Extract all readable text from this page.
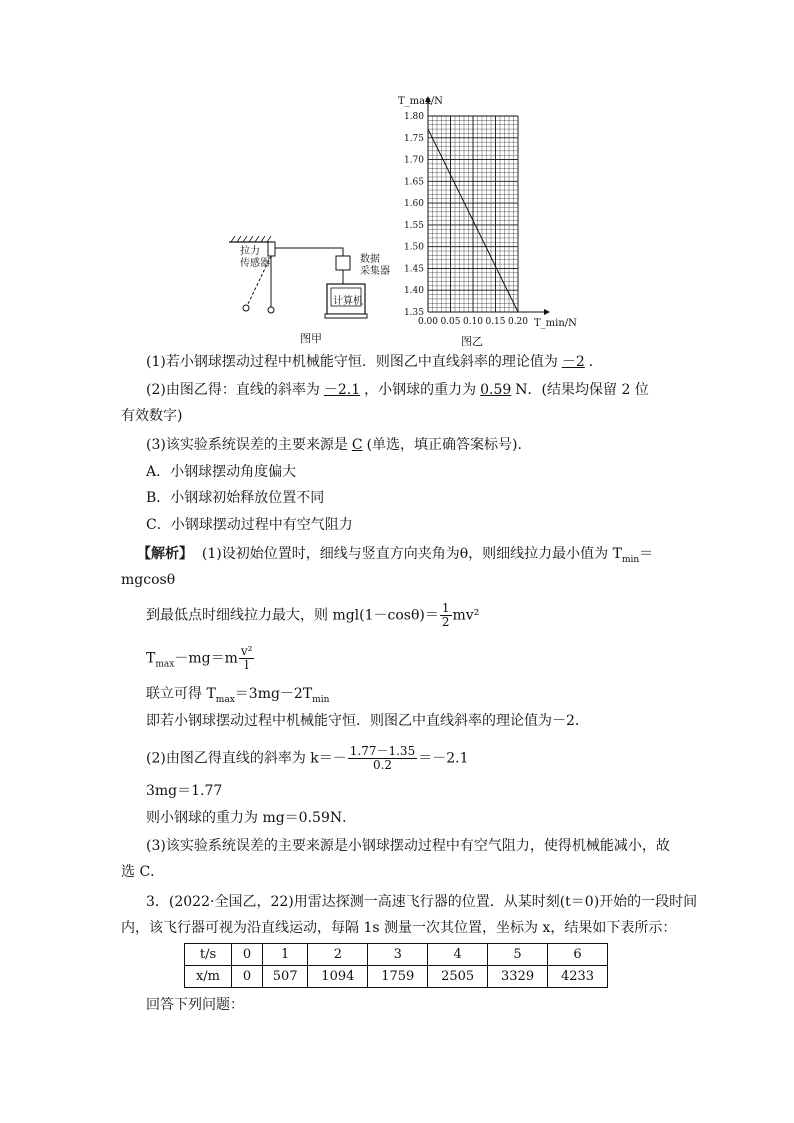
拉力
传感器	数据
采集器
计算机
图甲
1.35
1.40
1.45
1.50
1.55
1.60
1.65
1.70
1.75
1.80
0.00 0.05 0.10 0.15 0.20
T_max/N
T_min/N
图乙
(1)若小钢球摆动过程中机械能守恒．则图乙中直线斜率的理论值为 －2 ．
(2)由图乙得：直线的斜率为 －2.1 ，小钢球的重力为 0.59 N．(结果均保留 2 位
有效数字)
(3)该实验系统误差的主要来源是 C (单选，填正确答案标号)．
A．小钢球摆动角度偏大
B．小钢球初始释放位置不同
C．小钢球摆动过程中有空气阻力
【解析】 (1)设初始位置时，细线与竖直方向夹角为θ，则细线拉力最小值为 $T_{min}=$
mgcosθ
到最低点时细线拉力最大，则 $mgl(1-\cos\theta)= \frac{1}{2} mv^2$
$T_{max}-mg=m \frac{\text{v²}}{l}$
联立可得 $T_{max}=3mg-2T_{min}$
即若小钢球摆动过程中机械能守恒．则图乙中直线斜率的理论值为－2．
(2)由图乙得直线的斜率为 $k=- \frac{1.77-1.35}{0.2} =-2.1$
3mg＝1.77
则小钢球的重力为 mg＝0.59N．
(3)该实验系统误差的主要来源是小钢球摆动过程中有空气阻力，使得机械能减小，故
选 C．
3．(2022·全国乙，22)用雷达探测一高速飞行器的位置．从某时刻(t＝0)开始的一段时间
内，该飞行器可视为沿直线运动，每隔 1s 测量一次其位置，坐标为 x，结果如下表所示：
t/s	0	1	2	3	4	5	6
x/m	0	507	1094	1759	2505	3329	4233
回答下列问题：
